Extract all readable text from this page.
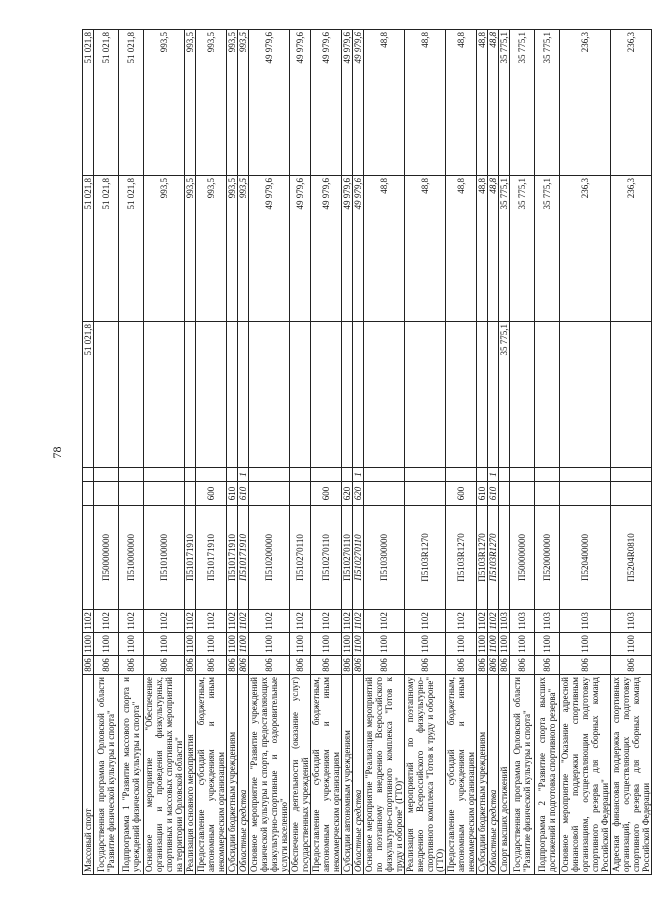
78
Массовый спорт	806	1100	1102				51 021,8	51 021,8	51 021,8
Государственная программа Орловской области "Развитие физической культуры и спорта"	806	1100	1102	П500000000				51 021,8	51 021,8
Подпрограмма 1 "Развитие массового спорта и учреждений физической культуры и спорта"	806	1100	1102	П510000000				51 021,8	51 021,8
Основное мероприятие "Обеспечение организации и проведения физкультурных, спортивных и массовых спортивных мероприятий на территории Орловской области"	806	1100	1102	П510100000				993,5	993,5
Реализация основного мероприятия	806	1100	1102	П510171910				993,5	993,5
Предоставление субсидий бюджетным, автономным учреждениям и иным некоммерческим организациям	806	1100	1102	П510171910	600			993,5	993,5
Субсидии бюджетным учреждениям	806	1100	1102	П510171910	610			993,5	993,5
Областные средства	806	1100	1102	П510171910	610	1		993,5	993,5
Основное мероприятие "Развитие учреждений физической культуры и спорта, предоставляющих физкультурно-спортивные и оздоровительные услуги населению"	806	1100	1102	П510200000				49 979,6	49 979,6
Обеспечение деятельности (оказание услуг) государственных учреждений	806	1100	1102	П510270110				49 979,6	49 979,6
Предоставление субсидий бюджетным, автономным учреждениям и иным некоммерческим организациям	806	1100	1102	П510270110	600			49 979,6	49 979,6
Субсидии автономным учреждениям	806	1100	1102	П510270110	620			49 979,6	49 979,6
Областные средства	806	1100	1102	П510270110	620	1		49 979,6	49 979,6
Основное мероприятие "Реализация мероприятий по поэтапному внедрению Всероссийского физкультурно-спортивного комплекса "Готов к труду и обороне" (ГТО)"	806	1100	1102	П510300000				48,8	48,8
Реализация мероприятий по поэтапному внедрению Всероссийского физкультурно-спортивного комплекса "Готов к труду и обороне" (ГТО)	806	1100	1102	П5103R1270				48,8	48,8
Предоставление субсидий бюджетным, автономным учреждениям и иным некоммерческим организациям	806	1100	1102	П5103R1270	600			48,8	48,8
Субсидии бюджетным учреждениям	806	1100	1102	П5103R1270	610			48,8	48,8
Областные средства	806	1100	1102	П5103R1270	610	1		48,8	48,8
Спорт высших достижений	806	1100	1103				35 775,1	35 775,1	35 775,1
Государственная программа Орловской области "Развитие физической культуры и спорта"	806	1100	1103	П500000000				35 775,1	35 775,1
Подпрограмма 2 "Развитие спорта высших достижений и подготовка спортивного резерва"	806	1100	1103	П520000000				35 775,1	35 775,1
Основное мероприятие "Оказание адресной финансовой поддержки спортивным организациям, осуществляющим подготовку спортивного резерва для сборных команд Российской Федерации"	806	1100	1103	П520400000				236,3	236,3
Адресная финансовая поддержка спортивных организаций, осуществляющих подготовку спортивного резерва для сборных команд Российской Федерации	806	1100	1103	П5204R0810				236,3	236,3
